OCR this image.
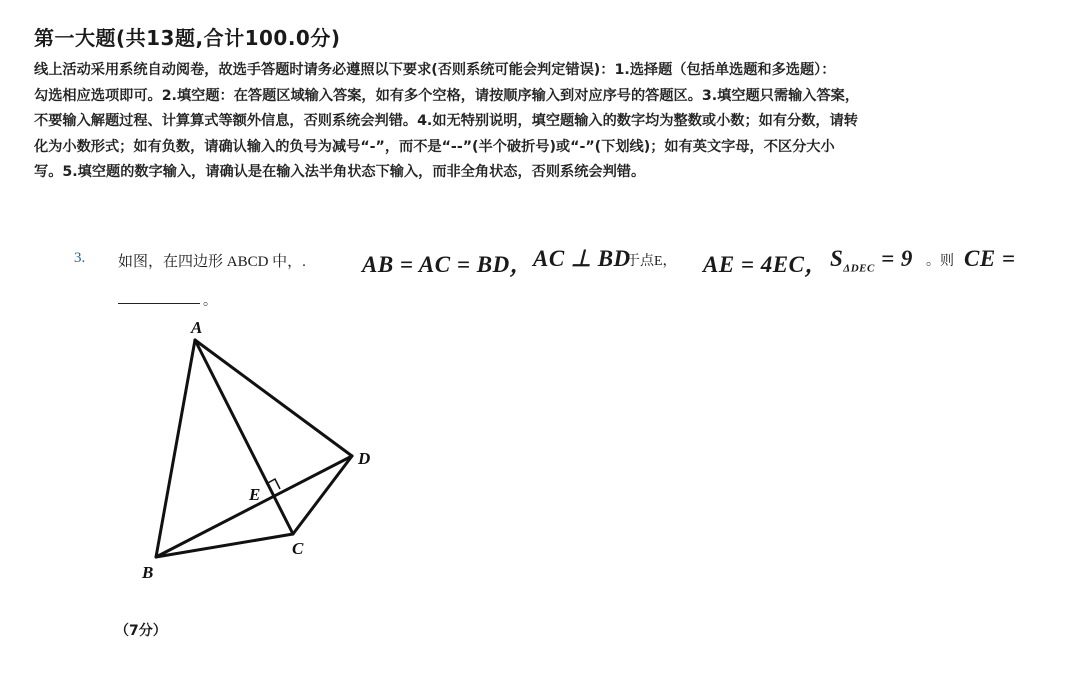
第一大题(共13题,合计100.0分)

线上活动采用系统自动阅卷，故选手答题时请务必遵照以下要求(否则系统可能会判定错误)：1.选择题（包括单选题和多选题）：

勾选相应选项即可。2.填空题：在答题区域输入答案，如有多个空格，请按顺序输入到对应序号的答题区。3.填空题只需输入答案，

不要输入解题过程、计算算式等额外信息，否则系统会判错。4.如无特别说明，填空题输入的数字均为整数或小数；如有分数，请转

化为小数形式；如有负数，请确认输入的负号为减号“-”，而不是“--”(半个破折号)或“-”(下划线)；如有英文字母，不区分大小

写。5.填空题的数字输入，请确认是在输入法半角状态下输入，而非全角状态，否则系统会判错。

3. 如图，在四边形 ABCD 中，. AB = AC = BD， AC ⊥ BD
于点E， AE = 4EC， $S_{\Delta DEC} = 9$ 。则 CE =
。
A
B
C
D
E
（7分）
